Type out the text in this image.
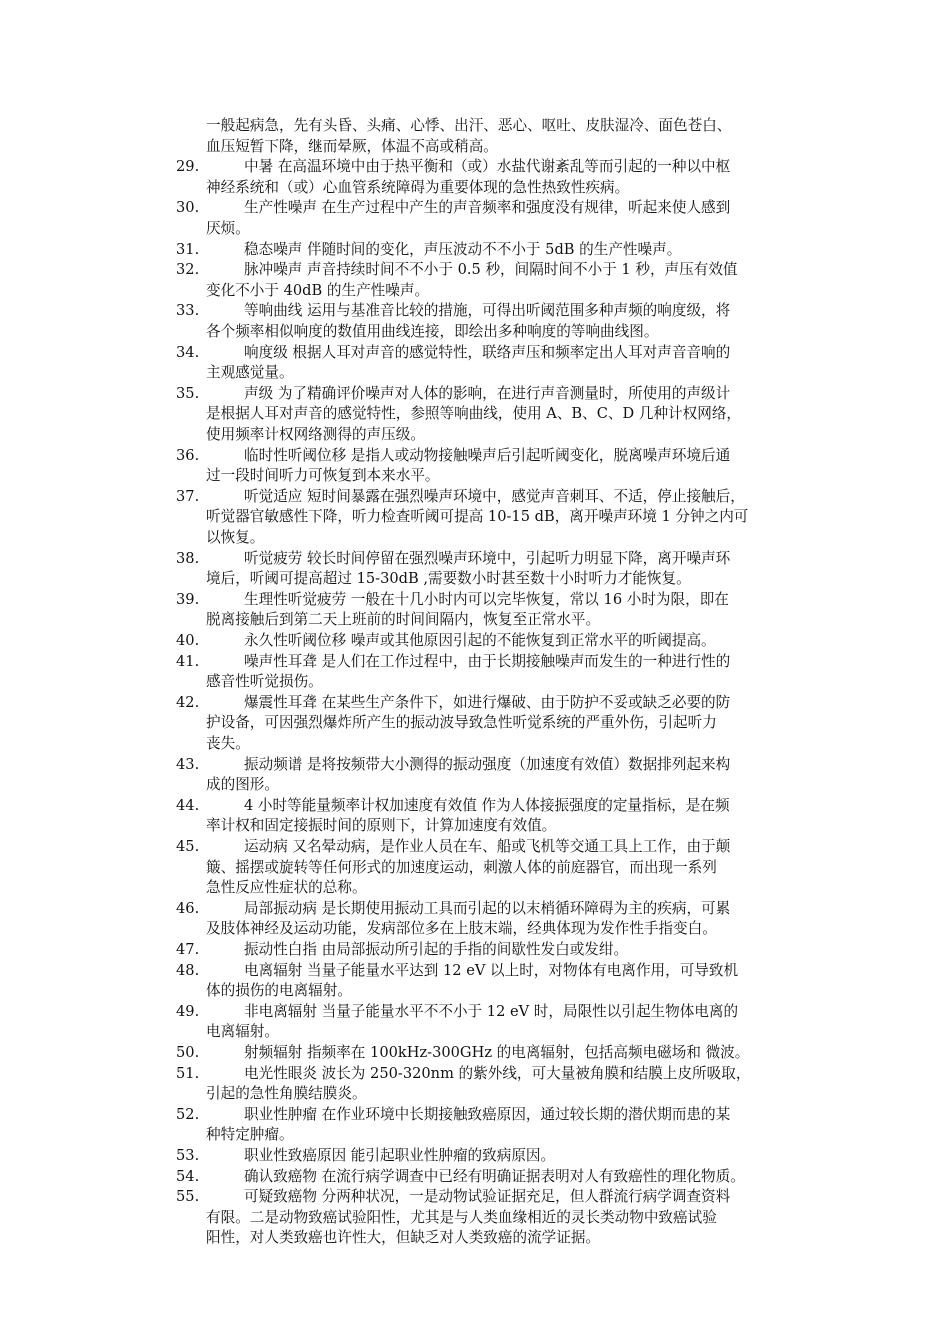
一般起病急，先有头昏、头痛、心悸、出汗、恶心、呕吐、皮肤湿冷、面色苍白、
血压短暂下降，继而晕厥，体温不高或稍高。
29.	中暑 在高温环境中由于热平衡和（或）水盐代谢紊乱等而引起的一种以中枢
神经系统和（或）心血管系统障碍为重要体现的急性热致性疾病。
30.	生产性噪声 在生产过程中产生的声音频率和强度没有规律，听起来使人感到
厌烦。
31.	稳态噪声 伴随时间的变化，声压波动不不小于 5dB 的生产性噪声。
32.	脉冲噪声 声音持续时间不不小于 0.5 秒，间隔时间不小于 1 秒，声压有效值
变化不小于 40dB 的生产性噪声。
33.	等响曲线 运用与基准音比较的措施，可得出听阈范围多种声频的响度级，将
各个频率相似响度的数值用曲线连接，即绘出多种响度的等响曲线图。
34.	响度级 根据人耳对声音的感觉特性，联络声压和频率定出人耳对声音音响的
主观感觉量。
35.	声级 为了精确评价噪声对人体的影响，在进行声音测量时，所使用的声级计
是根据人耳对声音的感觉特性，参照等响曲线，使用 A、B、C、D 几种计权网络，
使用频率计权网络测得的声压级。
36.	临时性听阈位移 是指人或动物接触噪声后引起听阈变化，脱离噪声环境后通
过一段时间听力可恢复到本来水平。
37.	听觉适应 短时间暴露在强烈噪声环境中，感觉声音刺耳、不适，停止接触后，
听觉器官敏感性下降，听力检查听阈可提高 10-15 dB，离开噪声环境 1 分钟之内可
以恢复。
38.	听觉疲劳 较长时间停留在强烈噪声环境中，引起听力明显下降，离开噪声环
境后，听阈可提高超过 15-30dB ,需要数小时甚至数十小时听力才能恢复。
39.	生理性听觉疲劳 一般在十几小时内可以完毕恢复，常以 16 小时为限，即在
脱离接触后到第二天上班前的时间间隔内，恢复至正常水平。
40.	永久性听阈位移 噪声或其他原因引起的不能恢复到正常水平的听阈提高。
41.	噪声性耳聋 是人们在工作过程中，由于长期接触噪声而发生的一种进行性的
感音性听觉损伤。
42.	爆震性耳聋 在某些生产条件下，如进行爆破、由于防护不妥或缺乏必要的防
护设备，可因强烈爆炸所产生的振动波导致急性听觉系统的严重外伤，引起听力
丧失。
43.	振动频谱 是将按频带大小测得的振动强度（加速度有效值）数据排列起来构
成的图形。
44.	4 小时等能量频率计权加速度有效值 作为人体接振强度的定量指标，是在频
率计权和固定接振时间的原则下，计算加速度有效值。
45.	运动病 又名晕动病，是作业人员在车、船或飞机等交通工具上工作，由于颠
簸、摇摆或旋转等任何形式的加速度运动，刺激人体的前庭器官，而出现一系列
急性反应性症状的总称。
46.	局部振动病 是长期使用振动工具而引起的以末梢循环障碍为主的疾病，可累
及肢体神经及运动功能，发病部位多在上肢末端，经典体现为发作性手指变白。
47.	振动性白指 由局部振动所引起的手指的间歇性发白或发绀。
48.	电离辐射 当量子能量水平达到 12 eV 以上时，对物体有电离作用，可导致机
体的损伤的电离辐射。
49.	非电离辐射 当量子能量水平不不小于 12 eV 时，局限性以引起生物体电离的
电离辐射。
50.	射频辐射 指频率在 100kHz-300GHz 的电离辐射，包括高频电磁场和 微波。
51.	电光性眼炎 波长为 250-320nm 的紫外线，可大量被角膜和结膜上皮所吸取，
引起的急性角膜结膜炎。
52.	职业性肿瘤 在作业环境中长期接触致癌原因，通过较长期的潜伏期而患的某
种特定肿瘤。
53.	职业性致癌原因 能引起职业性肿瘤的致病原因。
54.	确认致癌物 在流行病学调查中已经有明确证据表明对人有致癌性的理化物质。
55.	可疑致癌物 分两种状况，一是动物试验证据充足，但人群流行病学调查资料
有限。二是动物致癌试验阳性，尤其是与人类血缘相近的灵长类动物中致癌试验
阳性，对人类致癌也许性大，但缺乏对人类致癌的流学证据。
